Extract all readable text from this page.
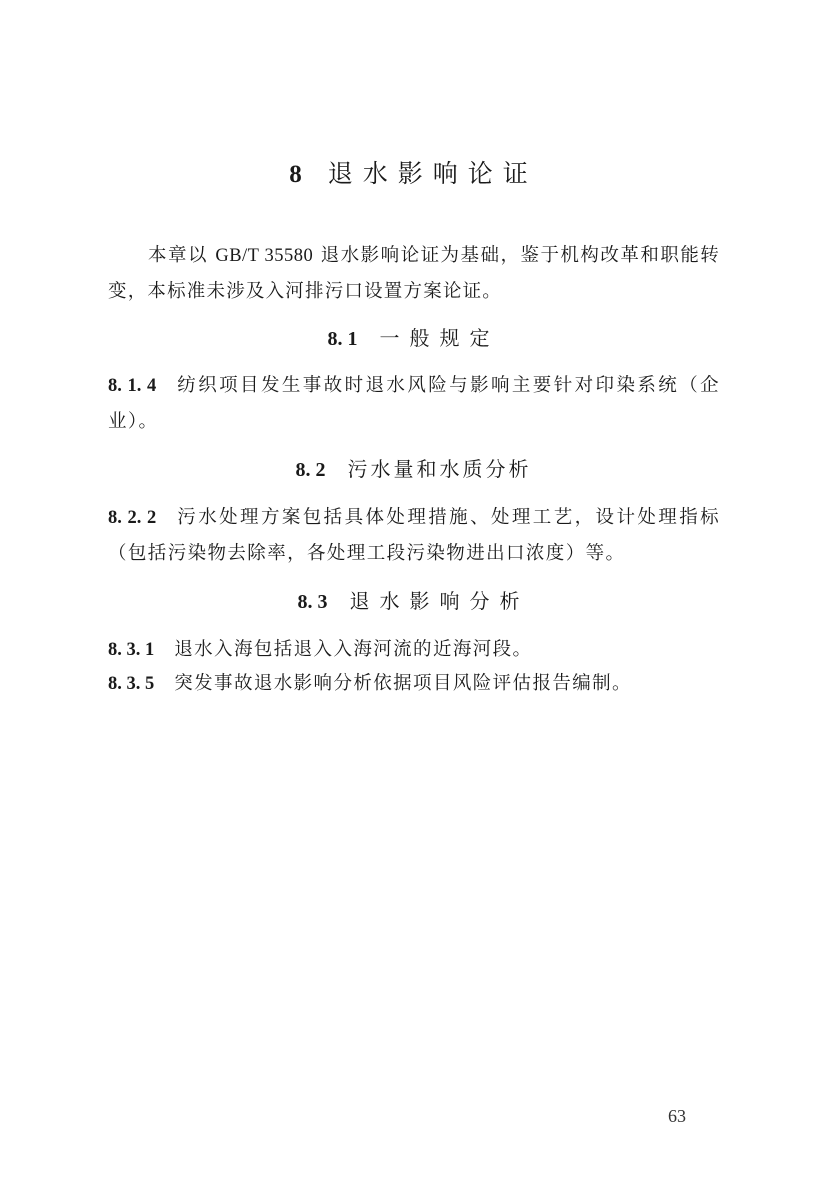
8 退水影响论证
本章以 GB/T 35580 退水影响论证为基础，鉴于机构改革和职能转变，本标准未涉及入河排污口设置方案论证。
8. 1 一般规定
8. 1. 4 纺织项目发生事故时退水风险与影响主要针对印染系统（企业）。
8. 2 污水量和水质分析
8. 2. 2 污水处理方案包括具体处理措施、处理工艺，设计处理指标（包括污染物去除率，各处理工段污染物进出口浓度）等。
8. 3 退水影响分析
8. 3. 1 退水入海包括退入入海河流的近海河段。
8. 3. 5 突发事故退水影响分析依据项目风险评估报告编制。
63
